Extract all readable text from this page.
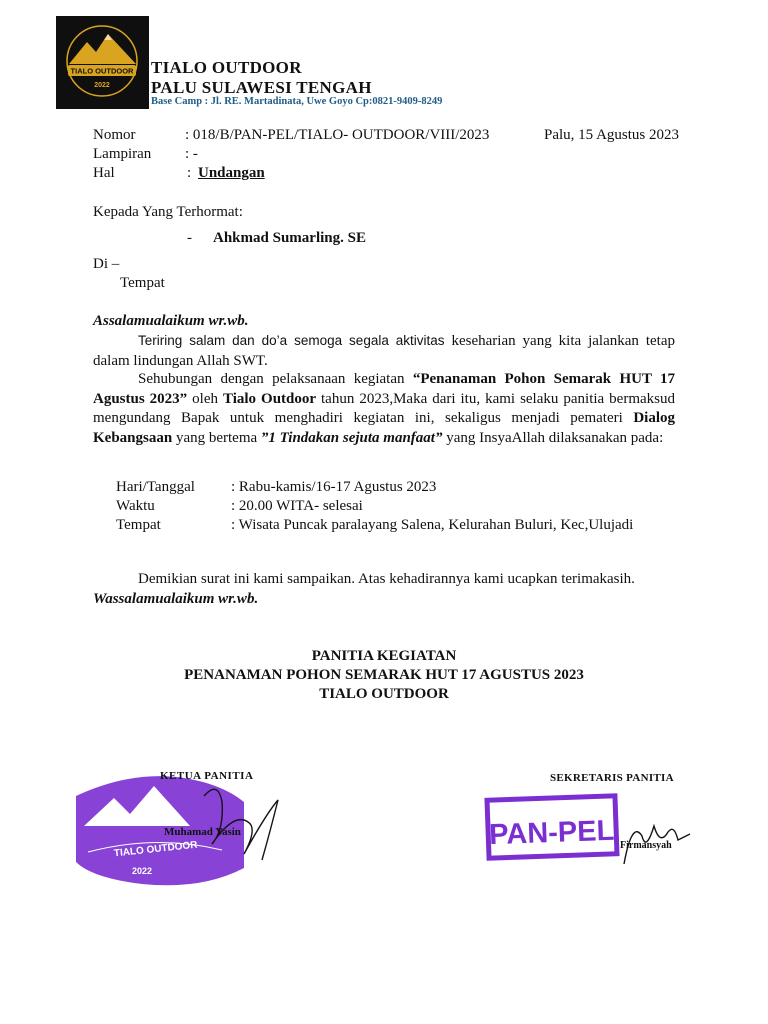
TIALO OUTDOOR
2022
TIALO OUTDOOR
PALU SULAWESI TENGAH
Base Camp : Jl. RE. Martadinata, Uwe Goyo Cp:0821-9409-8249
Nomor	: 018/B/PAN-PEL/TIALO- OUTDOOR/VIII/2023	Palu, 15 Agustus 2023
Lampiran : -
Hal	: Undangan
Kepada Yang Terhormat:
- Ahkmad Sumarling. SE
Di –
Tempat
Assalamualaikum wr.wb.
Teriring salam dan do’a semoga segala aktivitas keseharian yang kita jalankan tetap dalam lindungan Allah SWT.
Sehubungan dengan pelaksanaan kegiatan “Penanaman Pohon Semarak HUT 17 Agustus 2023” oleh Tialo Outdoor tahun 2023,Maka dari itu, kami selaku panitia bermaksud mengundang Bapak untuk menghadiri kegiatan ini, sekaligus menjadi pemateri Dialog Kebangsaan yang bertema ”1 Tindakan sejuta manfaat” yang InsyaAllah dilaksanakan pada:
Hari/Tanggal : Rabu-kamis/16-17 Agustus 2023
Waktu	: 20.00 WITA- selesai
Tempat	: Wisata Puncak paralayang Salena, Kelurahan Buluri, Kec,Ulujadi
Demikian surat ini kami sampaikan. Atas kehadirannya kami ucapkan terimakasih.
Wassalamualaikum wr.wb.
PANITIA KEGIATAN
PENANAMAN POHON SEMARAK HUT 17 AGUSTUS 2023
TIALO OUTDOOR
TIALO OUTDOOR
2022
KETUA PANITIA
Muhamad Yasin	PAN-PEL
SEKRETARIS PANITIA
Firmansyah
